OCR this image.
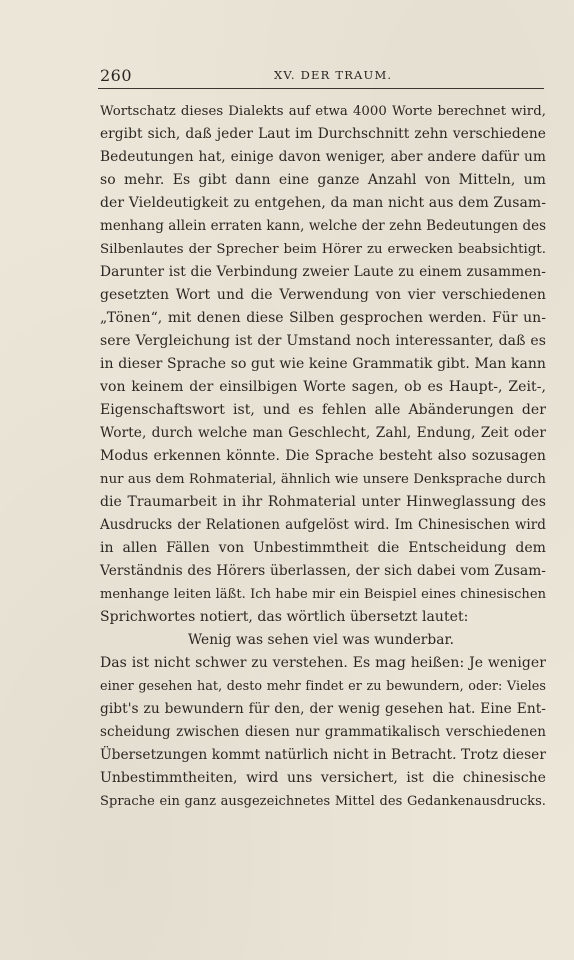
260	XV. DER TRAUM.
Wortschatz dieses Dialekts auf etwa 4000 Worte berechnet wird,
ergibt sich, daß jeder Laut im Durchschnitt zehn verschiedene
Bedeutungen hat, einige davon weniger, aber andere dafür um
so mehr. Es gibt dann eine ganze Anzahl von Mitteln, um
der Vieldeutigkeit zu entgehen, da man nicht aus dem Zusam-
menhang allein erraten kann, welche der zehn Bedeutungen des
Silbenlautes der Sprecher beim Hörer zu erwecken beabsichtigt.
Darunter ist die Verbindung zweier Laute zu einem zusammen-
gesetzten Wort und die Verwendung von vier verschiedenen
„Tönen“, mit denen diese Silben gesprochen werden. Für un-
sere Vergleichung ist der Umstand noch interessanter, daß es
in dieser Sprache so gut wie keine Grammatik gibt. Man kann
von keinem der einsilbigen Worte sagen, ob es Haupt-, Zeit-,
Eigenschaftswort ist, und es fehlen alle Abänderungen der
Worte, durch welche man Geschlecht, Zahl, Endung, Zeit oder
Modus erkennen könnte. Die Sprache besteht also sozusagen
nur aus dem Rohmaterial, ähnlich wie unsere Denksprache durch
die Traumarbeit in ihr Rohmaterial unter Hinweglassung des
Ausdrucks der Relationen aufgelöst wird. Im Chinesischen wird
in allen Fällen von Unbestimmtheit die Entscheidung dem
Verständnis des Hörers überlassen, der sich dabei vom Zusam-
menhange leiten läßt. Ich habe mir ein Beispiel eines chinesischen
Sprichwortes notiert, das wörtlich übersetzt lautet:
Wenig was sehen viel was wunderbar.
Das ist nicht schwer zu verstehen. Es mag heißen: Je weniger
einer gesehen hat, desto mehr findet er zu bewundern, oder: Vieles
gibt's zu bewundern für den, der wenig gesehen hat. Eine Ent-
scheidung zwischen diesen nur grammatikalisch verschiedenen
Übersetzungen kommt natürlich nicht in Betracht. Trotz dieser
Unbestimmtheiten, wird uns versichert, ist die chinesische
Sprache ein ganz ausgezeichnetes Mittel des Gedankenausdrucks.
